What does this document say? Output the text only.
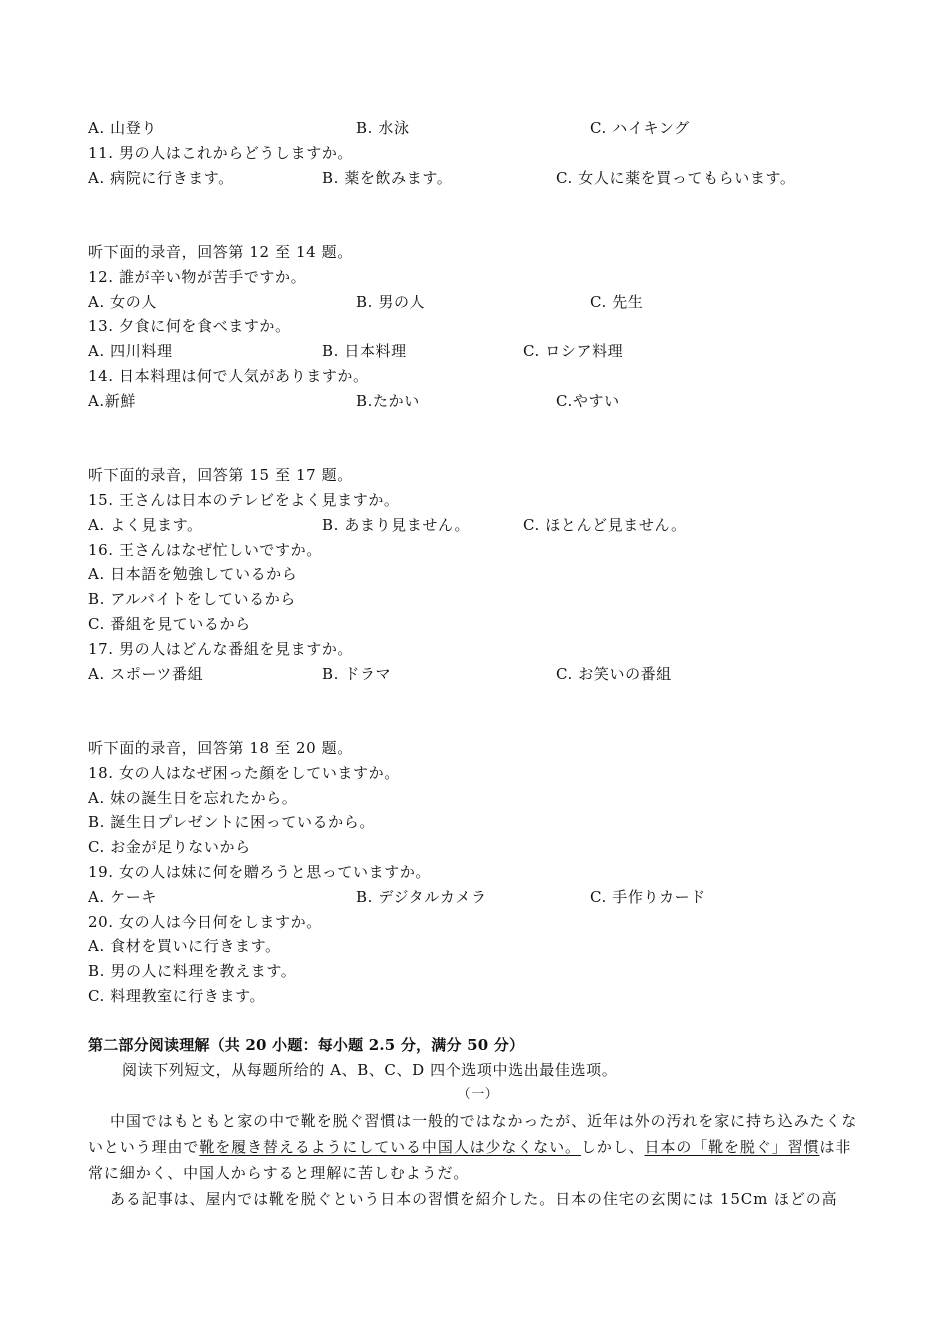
A. 山登り	B. 水泳	C. ハイキング
11. 男の人はこれからどうしますか。
A. 病院に行きます。	B. 薬を飲みます。	C. 女人に薬を買ってもらいます。
听下面的录音，回答第 12 至 14 题。
12. 誰が辛い物が苦手ですか。
A. 女の人	B. 男の人	C. 先生
13. 夕食に何を食べますか。
A. 四川料理	B. 日本料理	C. ロシア料理
14. 日本料理は何で人気がありますか。
A.新鮮	B.たかい	C.やすい
听下面的录音，回答第 15 至 17 题。
15. 王さんは日本のテレビをよく見ますか。
A. よく見ます。	B. あまり見ません。	C. ほとんど見ません。
16. 王さんはなぜ忙しいですか。
A. 日本語を勉強しているから
B. アルバイトをしているから
C. 番組を見ているから
17. 男の人はどんな番組を見ますか。
A. スポーツ番組	B. ドラマ	C. お笑いの番組
听下面的录音，回答第 18 至 20 题。
18. 女の人はなぜ困った顔をしていますか。
A. 妹の誕生日を忘れたから。
B. 誕生日プレゼントに困っているから。
C. お金が足りないから
19. 女の人は妹に何を贈ろうと思っていますか。
A. ケーキ	B. デジタルカメラ	C. 手作りカード
20. 女の人は今日何をしますか。
A. 食材を買いに行きます。
B. 男の人に料理を教えます。
C. 料理教室に行きます。
第二部分阅读理解（共 20 小题：每小题 2.5 分，满分 50 分）
阅读下列短文，从每题所给的 A、B、C、D 四个选项中选出最佳选项。
（一）
中国ではもともと家の中で靴を脱ぐ習慣は一般的ではなかったが、近年は外の汚れを家に持ち込みたくないという理由で靴を履き替えるようにしている中国人は少なくない。しかし、日本の「靴を脱ぐ」習慣は非常に細かく、中国人からすると理解に苦しむようだ。
ある記事は、屋内では靴を脱ぐという日本の習慣を紹介した。日本の住宅の玄関には 15Cm ほどの高
